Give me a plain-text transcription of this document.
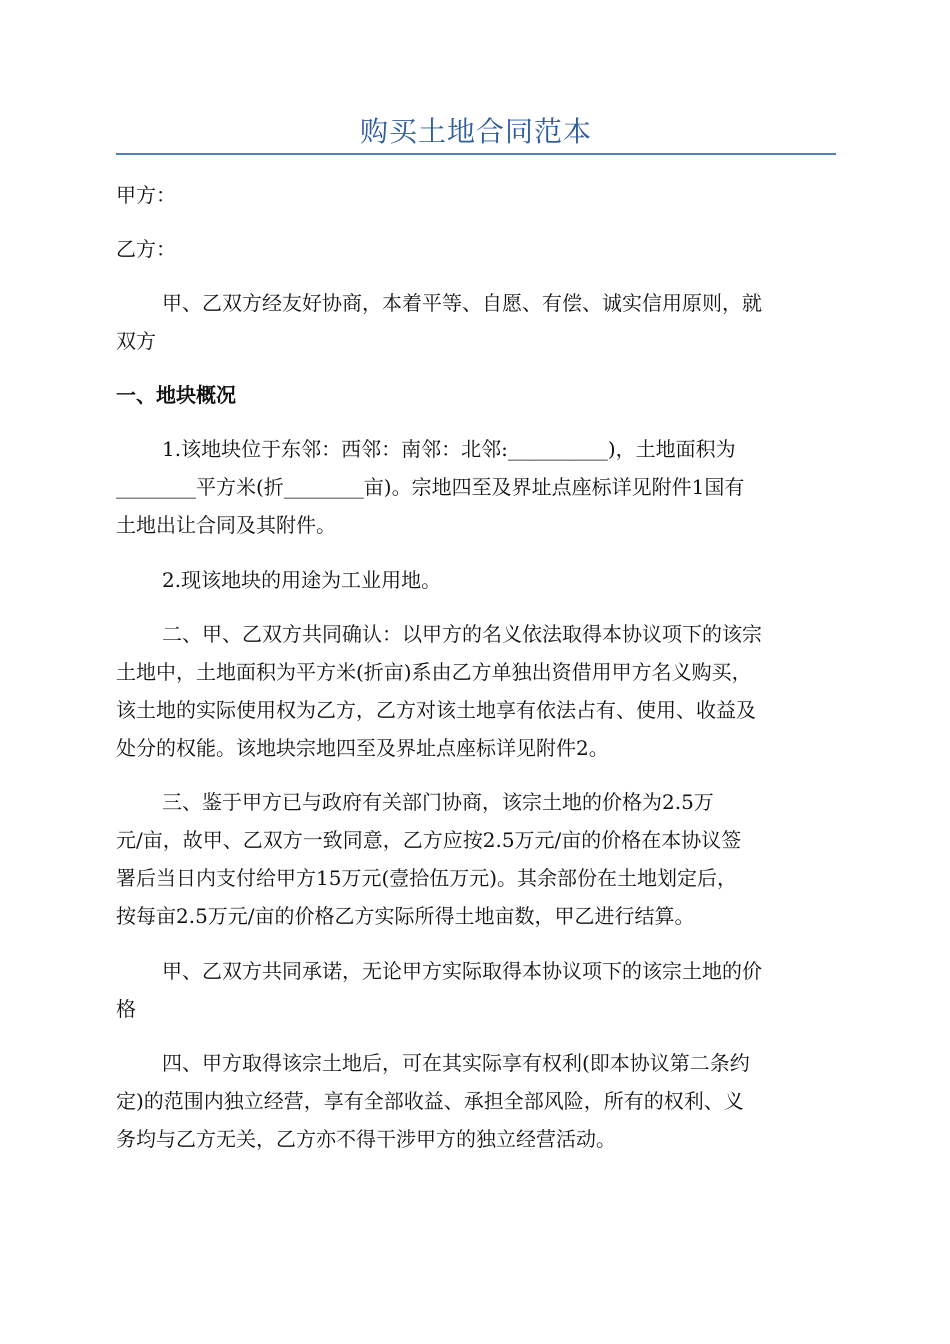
购买土地合同范本

甲方：

乙方：

甲、乙双方经友好协商，本着平等、自愿、有偿、诚实信用原则，就
双方

一、地块概况

1.该地块位于东邻：西邻：南邻：北邻:__________)，土地面积为
________平方米(折________亩)。宗地四至及界址点座标详见附件1国有
土地出让合同及其附件。

2.现该地块的用途为工业用地。

二、甲、乙双方共同确认：以甲方的名义依法取得本协议项下的该宗
土地中，土地面积为平方米(折亩)系由乙方单独出资借用甲方名义购买，
该土地的实际使用权为乙方，乙方对该土地享有依法占有、使用、收益及
处分的权能。该地块宗地四至及界址点座标详见附件2。

三、鉴于甲方已与政府有关部门协商，该宗土地的价格为2.5万
元/亩，故甲、乙双方一致同意，乙方应按2.5万元/亩的价格在本协议签
署后当日内支付给甲方15万元(壹拾伍万元)。其余部份在土地划定后，
按每亩2.5万元/亩的价格乙方实际所得土地亩数，甲乙进行结算。

甲、乙双方共同承诺，无论甲方实际取得本协议项下的该宗土地的价
格

四、甲方取得该宗土地后，可在其实际享有权利(即本协议第二条约
定)的范围内独立经营，享有全部收益、承担全部风险，所有的权利、义
务均与乙方无关，乙方亦不得干涉甲方的独立经营活动。
